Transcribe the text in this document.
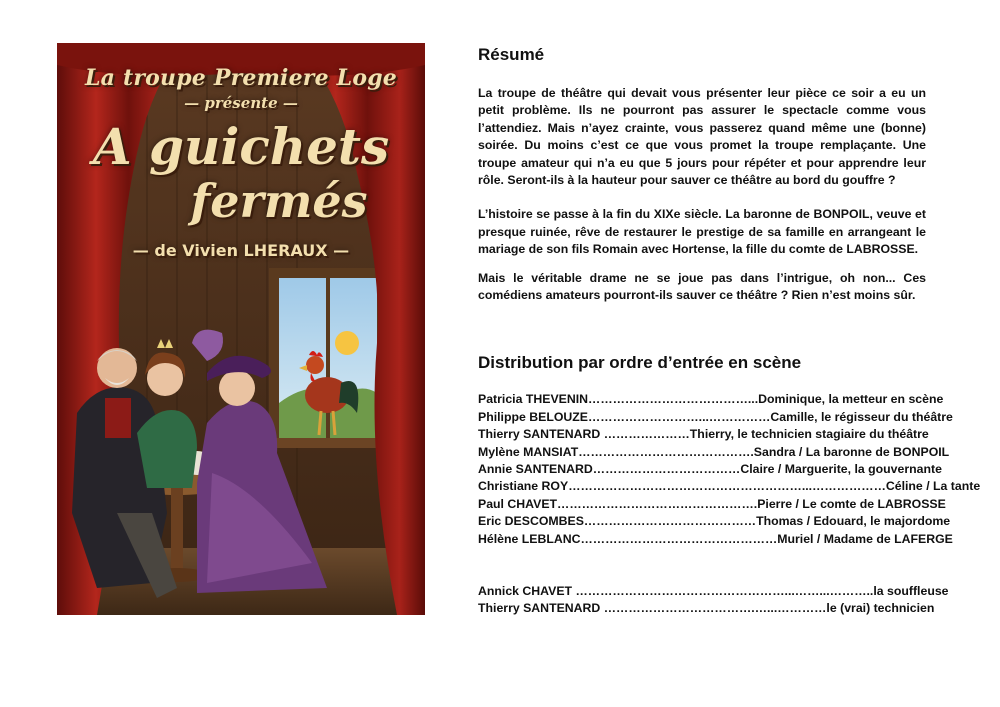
La troupe Premiere Loge
— présente —
A guichets
fermés
— de Vivien LHERAUX —
Résumé

La troupe de théâtre qui devait vous présenter leur pièce ce soir a eu un petit problème. Ils ne pourront pas assurer le spectacle comme vous l’attendiez. Mais n’ayez crainte, vous passerez quand même une (bonne) soirée. Du moins c’est ce que vous promet la troupe remplaçante. Une troupe amateur qui n’a eu que 5 jours pour répéter et pour apprendre leur rôle. Seront-ils à la hauteur pour sauver ce théâtre au bord du gouffre ?

L’histoire se passe à la fin du XIXe siècle. La baronne de BONPOIL, veuve et presque ruinée, rêve de restaurer le prestige de sa famille en arrangeant le mariage de son fils Romain avec Hortense, la fille du comte de LABROSSE.

Mais le véritable drame ne se joue pas dans l’intrigue, oh non... Ces comédiens amateurs pourront-ils sauver ce théâtre ? Rien n’est moins sûr.

Distribution par ordre d’entrée en scène
Patricia THEVENIN…………………………………...Dominique, la metteur en scène
Philippe BELOUZE………………………...……………Camille, le régisseur du théâtre
Thierry SANTENARD …………………Thierry, le technicien stagiaire du théâtre
Mylène MANSIAT…………………………………….Sandra / La baronne de BONPOIL
Annie SANTENARD………………………………Claire / Marguerite, la gouvernante
Christiane ROY…………………………………………………...………………Céline / La tante
Paul CHAVET………………………………………….Pierre / Le comte de LABROSSE
Eric DESCOMBES……………………………………Thomas / Edouard, le majordome
Hélène LEBLANC…………………………………………Muriel / Madame de LAFERGE
Annick CHAVET ……………………………………………...……...………..la souffleuse
Thierry SANTENARD ……………………………….…...…………le (vrai) technicien
